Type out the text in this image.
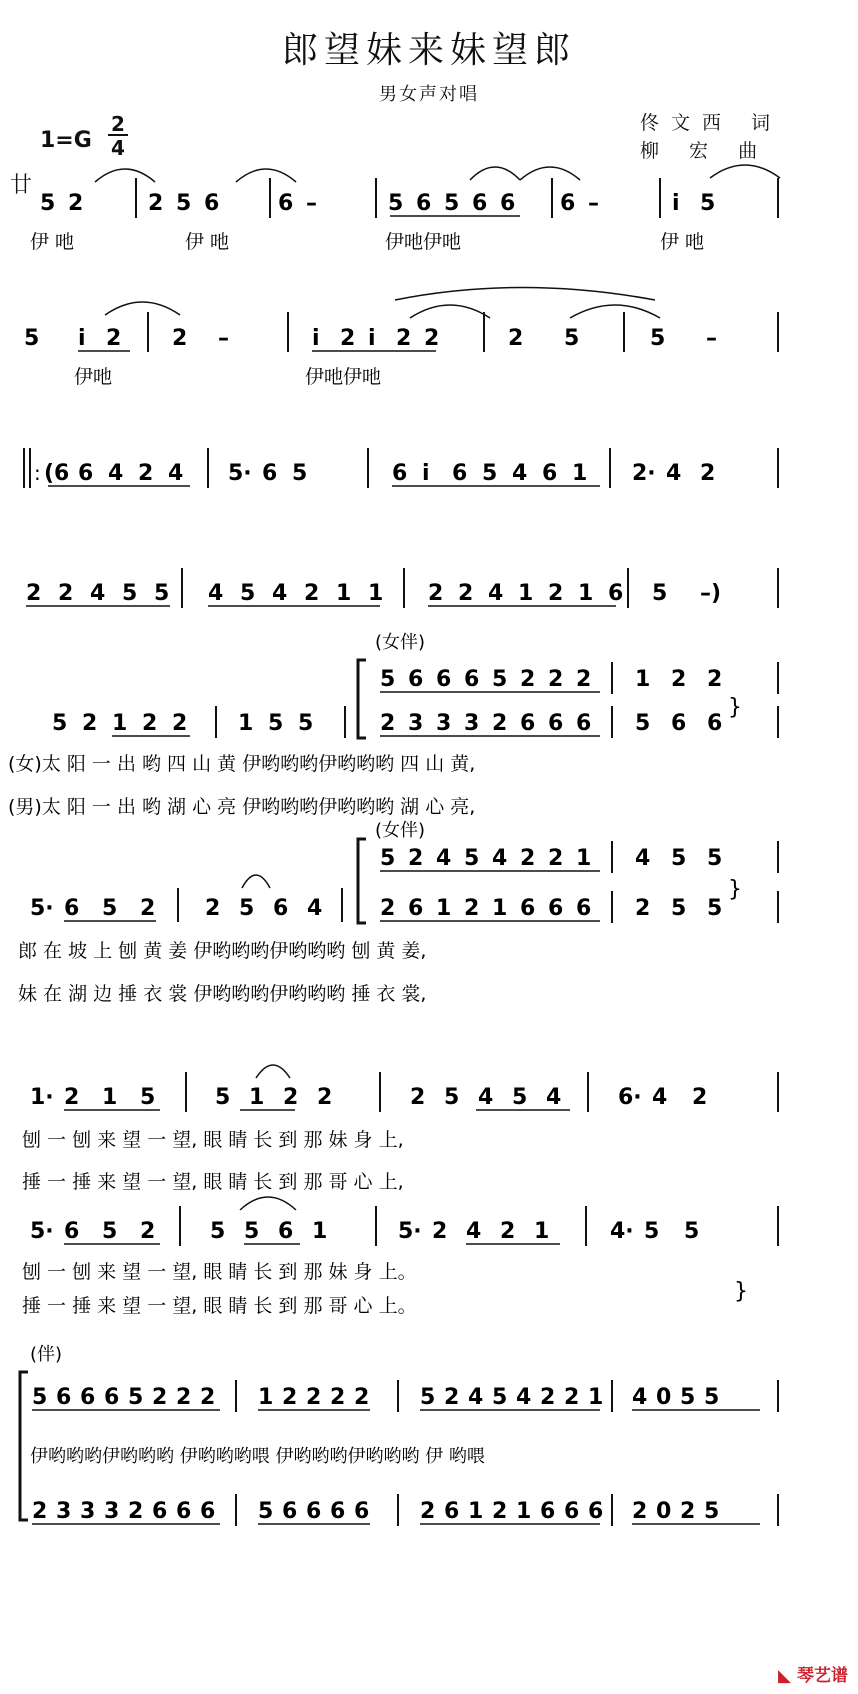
郎望妹来妹望郎
男女声对唱
佟文西 词
柳 宏 曲
1=G
2
4
廿
5 2	2 5 6	6 –	5 6 5 6 6 6 –	i 5
伊 吔	伊 吔	伊吔伊吔	伊 吔
5 i 2 2 –	i 2 i 2 2	2 5	5 –
伊吔	伊吔伊吔
: (6 6 4 2 4 5· 6 5	6 i 6 5 4 6 1 2· 4 2
2 2 4 5 5 4 5 4 2 1 1 2 2 4 1 2 1 6 5 –)
(女伴)
5 6 6 6 5 2 2 2 1 2 2
2 3 3 3 2 6 6 6 5 6 6
}
5 2 1 2 2 1 5 5
(女)太 阳 一 出 哟 四 山 黄 伊哟哟哟伊哟哟哟 四 山 黄,
(男)太 阳 一 出 哟 湖 心 亮 伊哟哟哟伊哟哟哟 湖 心 亮,
(女伴)
5 2 4 5 4 2 2 1 4 5 5
2 6 1 2 1 6 6 6 2 5 5
}
5· 6 5 2 2 5 6 4
郎 在 坡 上 刨 黄 姜 伊哟哟哟伊哟哟哟 刨 黄 姜,
妹 在 湖 边 捶 衣 裳 伊哟哟哟伊哟哟哟 捶 衣 裳,
1· 2 1 5	5 1 2 2	2 5 4 5 4	6· 4 2
刨 一 刨 来 望 一 望, 眼 睛 长 到 那 妹 身 上,
捶 一 捶 来 望 一 望, 眼 睛 长 到 那 哥 心 上,
5· 6 5 2 5 5 6 1	5· 2 4 2 1	4· 5 5
刨 一 刨 来 望 一 望, 眼 睛 长 到 那 妹 身 上。
捶 一 捶 来 望 一 望, 眼 睛 长 到 那 哥 心 上。
}
(伴)
5 6 6 6 5 2 2 2 1 2 2 2 2 5 2 4 5 4 2 2 1 4 0 5 5
2 3 3 3 2 6 6 6 5 6 6 6 6 2 6 1 2 1 6 6 6 2 0 2 5
伊哟哟哟伊哟哟哟 伊哟哟哟喂 伊哟哟哟伊哟哟哟 伊 哟喂
◣ 琴艺谱
